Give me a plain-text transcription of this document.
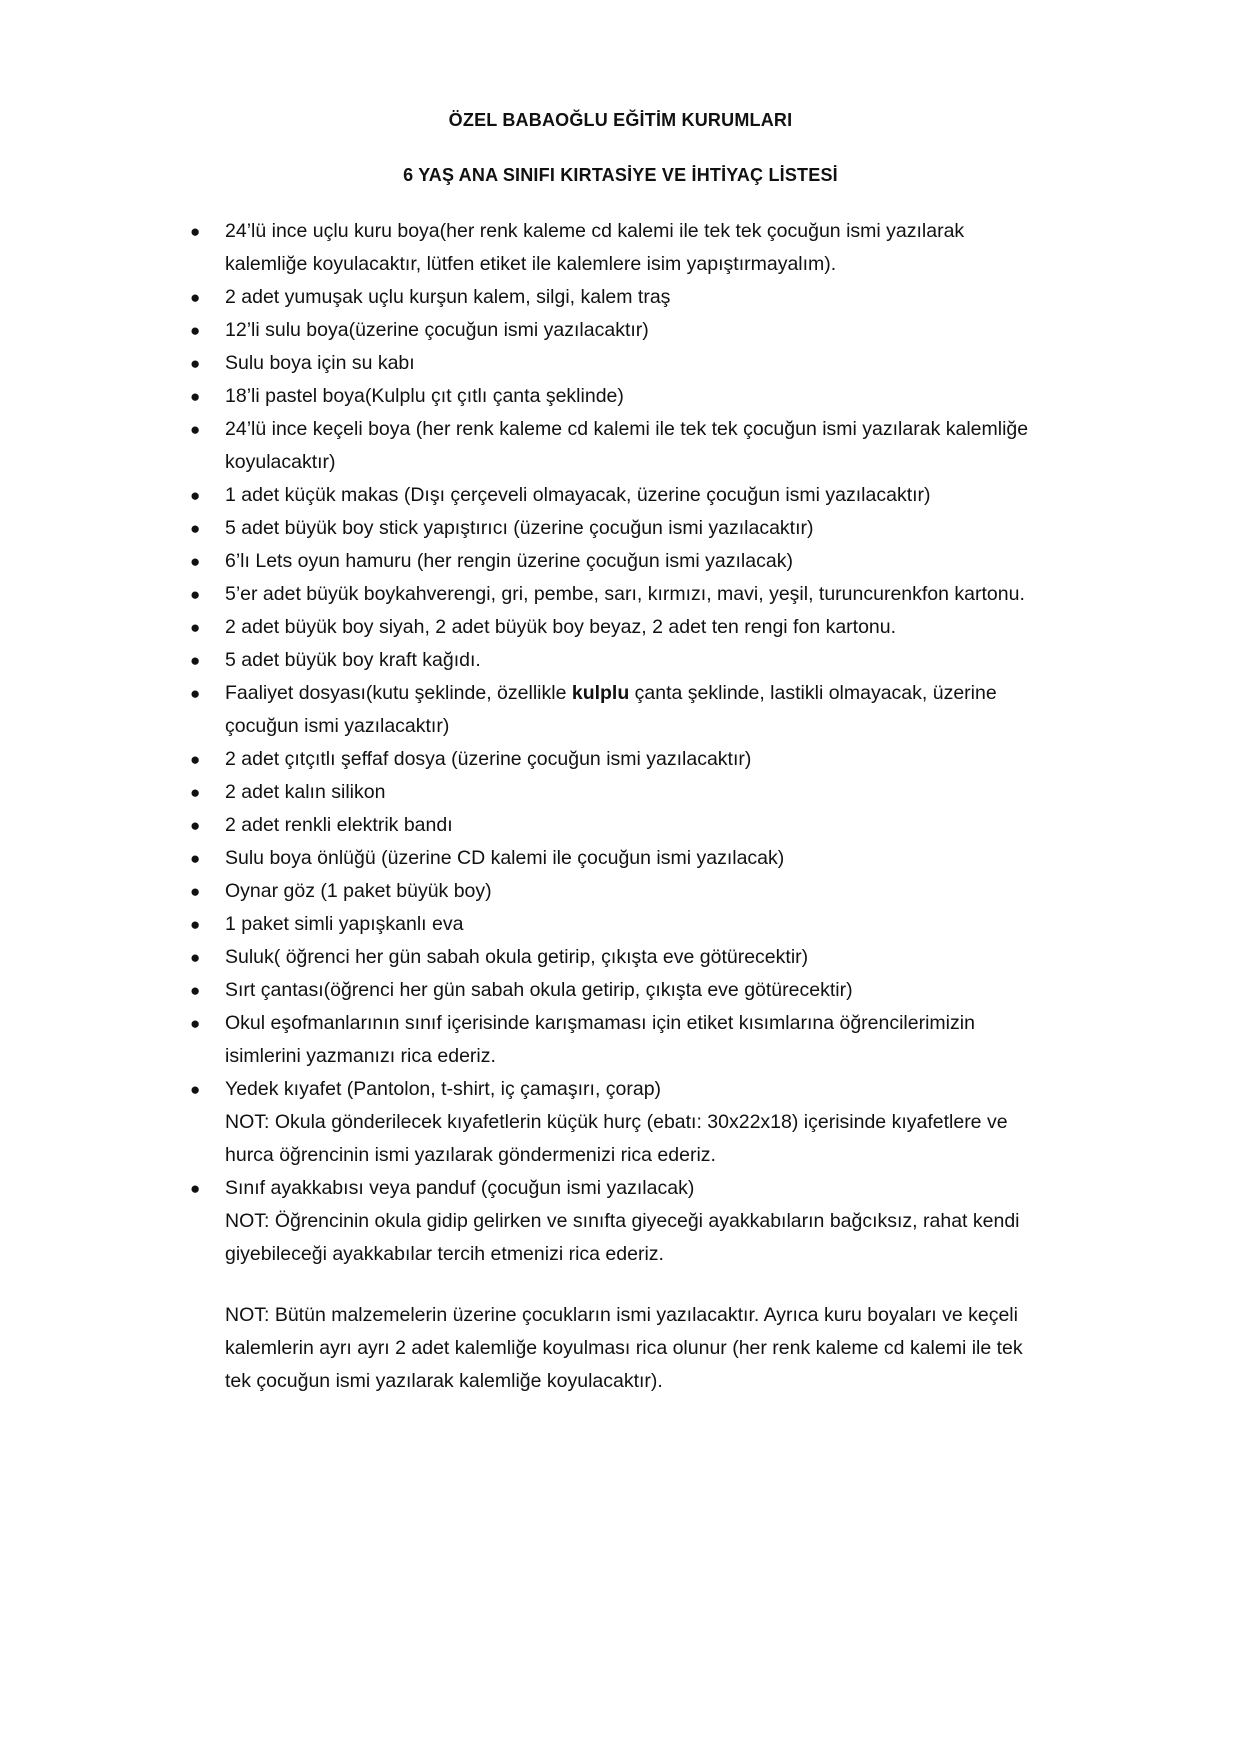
ÖZEL BABAOĞLU EĞİTİM KURUMLARI
6 YAŞ ANA SINIFI KIRTASİYE VE İHTİYAÇ LİSTESİ
● 24’lü ince uçlu kuru boya(her renk kaleme cd kalemi ile tek tek çocuğun ismi yazılarak
kalemliğe koyulacaktır, lütfen etiket ile kalemlere isim yapıştırmayalım).
● 2 adet yumuşak uçlu kurşun kalem, silgi, kalem traş
● 12’li sulu boya(üzerine çocuğun ismi yazılacaktır)
● Sulu boya için su kabı
● 18’li pastel boya(Kulplu çıt çıtlı çanta şeklinde)
● 24’lü ince keçeli boya (her renk kaleme cd kalemi ile tek tek çocuğun ismi yazılarak kalemliğe
koyulacaktır)
● 1 adet küçük makas (Dışı çerçeveli olmayacak, üzerine çocuğun ismi yazılacaktır)
● 5 adet büyük boy stick yapıştırıcı (üzerine çocuğun ismi yazılacaktır)
● 6’lı Lets oyun hamuru (her rengin üzerine çocuğun ismi yazılacak)
● 5’er adet büyük boykahverengi, gri, pembe, sarı, kırmızı, mavi, yeşil, turuncurenkfon kartonu.
● 2 adet büyük boy siyah, 2 adet büyük boy beyaz, 2 adet ten rengi fon kartonu.
● 5 adet büyük boy kraft kağıdı.
● Faaliyet dosyası(kutu şeklinde, özellikle kulplu çanta şeklinde, lastikli olmayacak, üzerine
çocuğun ismi yazılacaktır)
● 2 adet çıtçıtlı şeffaf dosya (üzerine çocuğun ismi yazılacaktır)
● 2 adet kalın silikon
● 2 adet renkli elektrik bandı
● Sulu boya önlüğü (üzerine CD kalemi ile çocuğun ismi yazılacak)
● Oynar göz (1 paket büyük boy)
● 1 paket simli yapışkanlı eva
● Suluk( öğrenci her gün sabah okula getirip, çıkışta eve götürecektir)
● Sırt çantası(öğrenci her gün sabah okula getirip, çıkışta eve götürecektir)
● Okul eşofmanlarının sınıf içerisinde karışmaması için etiket kısımlarına öğrencilerimizin
isimlerini yazmanızı rica ederiz.
● Yedek kıyafet (Pantolon, t-shirt, iç çamaşırı, çorap)
NOT: Okula gönderilecek kıyafetlerin küçük hurç (ebatı: 30x22x18) içerisinde kıyafetlere ve
hurca öğrencinin ismi yazılarak göndermenizi rica ederiz.
● Sınıf ayakkabısı veya panduf (çocuğun ismi yazılacak)
NOT: Öğrencinin okula gidip gelirken ve sınıfta giyeceği ayakkabıların bağcıksız, rahat kendi
giyebileceği ayakkabılar tercih etmenizi rica ederiz.
NOT: Bütün malzemelerin üzerine çocukların ismi yazılacaktır. Ayrıca kuru boyaları ve keçeli
kalemlerin ayrı ayrı 2 adet kalemliğe koyulması rica olunur (her renk kaleme cd kalemi ile tek
tek çocuğun ismi yazılarak kalemliğe koyulacaktır).
